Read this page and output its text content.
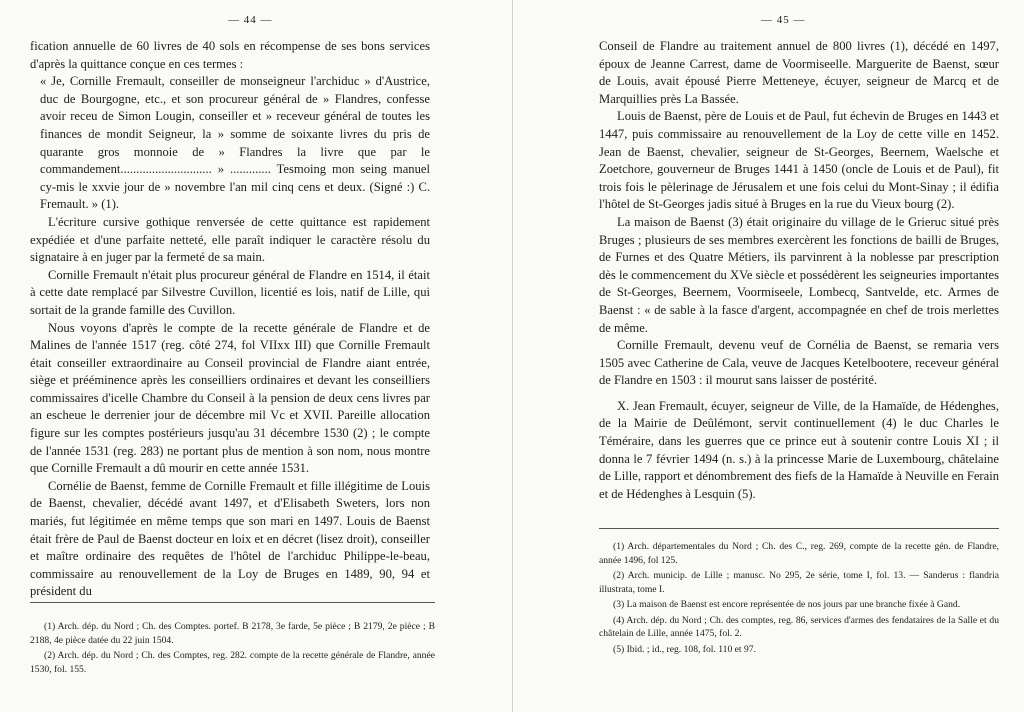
— 44 —

fication annuelle de 60 livres de 40 sols en récompense de ses bons services d'après la quittance conçue en ces termes :

« Je, Cornille Fremault, conseiller de monseigneur l'archiduc » d'Austrice, duc de Bourgogne, etc., et son procureur général de » Flandres, confesse avoir receu de Simon Lougin, conseiller et » receveur général de toutes les finances de mondit Seigneur, la » somme de soixante livres du pris de quarante gros monnoie de » Flandres la livre que par le commandement............................. » ............. Tesmoing mon seing manuel cy-mis le xxvie jour de » novembre l'an mil cinq cens et deux. (Signé :) C. Fremault. » (1).

L'écriture cursive gothique renversée de cette quittance est rapidement expédiée et d'une parfaite netteté, elle paraît indiquer le caractère résolu du signataire à en juger par la fermeté de sa main.

Cornille Fremault n'était plus procureur général de Flandre en 1514, il était à cette date remplacé par Silvestre Cuvillon, licentié es lois, natif de Lille, qui sortait de la grande famille des Cuvillon.

Nous voyons d'après le compte de la recette générale de Flandre et de Malines de l'année 1517 (reg. côté 274, fol VIIxx III) que Cornille Fremault était conseiller extraordinaire au Conseil provincial de Flandre aiant entrée, siège et prééminence après les conseilliers ordinaires et devant les conseilliers commissaires d'icelle Chambre du Conseil à la pension de deux cens livres par an escheue le derrenier jour de décembre mil Vc et XVII. Pareille allocation figure sur les comptes postérieurs jusqu'au 31 décembre 1530 (2) ; le compte de l'année 1531 (reg. 283) ne portant plus de mention à son nom, nous montre que Cornille Fremault a dû mourir en cette année 1531.

Cornélie de Baenst, femme de Cornille Fremault et fille illégitime de Louis de Baenst, chevalier, décédé avant 1497, et d'Elisabeth Sweters, lors non mariés, fut légitimée en même temps que son mari en 1497. Louis de Baenst était frère de Paul de Baenst docteur en loix et en décret (lisez droit), conseiller et maître ordinaire des requêtes de l'hôtel de l'archiduc Philippe-le-beau, commissaire au renouvellement de la Loy de Bruges en 1489, 90, 94 et président du

(1) Arch. dép. du Nord ; Ch. des Comptes. portef. B 2178, 3e farde, 5e pièce ; B 2179, 2e pièce ; B 2188, 4e pièce datée du 22 juin 1504.

(2) Arch. dép. du Nord ; Ch. des Comptes, reg. 282. compte de la recette générale de Flandre, année 1530, fol. 155.

— 45 —

Conseil de Flandre au traitement annuel de 800 livres (1), décédé en 1497, époux de Jeanne Carrest, dame de Voormiseelle. Marguerite de Baenst, sœur de Louis, avait épousé Pierre Metteneye, écuyer, seigneur de Marcq et de Marquillies près La Bassée.

Louis de Baenst, père de Louis et de Paul, fut échevin de Bruges en 1443 et 1447, puis commissaire au renouvellement de la Loy de cette ville en 1452. Jean de Baenst, chevalier, seigneur de St-Georges, Beernem, Waelsche et Zoetchore, gouverneur de Bruges 1441 à 1450 (oncle de Louis et de Paul), fit trois fois le pèlerinage de Jérusalem et une fois celui du Mont-Sinay ; il édifia l'hôtel de St-Georges jadis situé à Bruges en la rue du Vieux bourg (2).

La maison de Baenst (3) était originaire du village de le Grieruc situé près Bruges ; plusieurs de ses membres exercèrent les fonctions de bailli de Bruges, de Furnes et des Quatre Métiers, ils parvinrent à la noblesse par prescription dès le commencement du XVe siècle et possédèrent les seigneuries importantes de St-Georges, Beernem, Voormiseele, Lombecq, Santvelde, etc. Armes de Baenst : « de sable à la fasce d'argent, accompagnée en chef de trois merlettes de même.

Cornille Fremault, devenu veuf de Cornélia de Baenst, se remaria vers 1505 avec Catherine de Cala, veuve de Jacques Ketelbootere, receveur général de Flandre en 1503 : il mourut sans laisser de postérité.

X. Jean Fremault, écuyer, seigneur de Ville, de la Hamaïde, de Hédenghes, de la Mairie de Deûlémont, servit continuellement (4) le duc Charles le Téméraire, dans les guerres que ce prince eut à soutenir contre Louis XI ; il donna le 7 février 1494 (n. s.) à la princesse Marie de Luxembourg, châtelaine de Lille, rapport et dénombrement des fiefs de la Hamaïde à Neuville en Ferain et de Hédenghes à Lesquin (5).

(1) Arch. départementales du Nord ; Ch. des C., reg. 269, compte de la recette gén. de Flandre, année 1496, fol 125.

(2) Arch. municip. de Lille ; manusc. No 295, 2e série, tome I, fol. 13. — Sanderus : flandria illustrata, tome I.

(3) La maison de Baenst est encore représentée de nos jours par une branche fixée à Gand.

(4) Arch. dép. du Nord ; Ch. des comptes, reg. 86, services d'armes des fendataires de la Salle et du châtelain de Lille, année 1475, fol. 2.

(5) Ibid. ; id., reg. 108, fol. 110 et 97.
